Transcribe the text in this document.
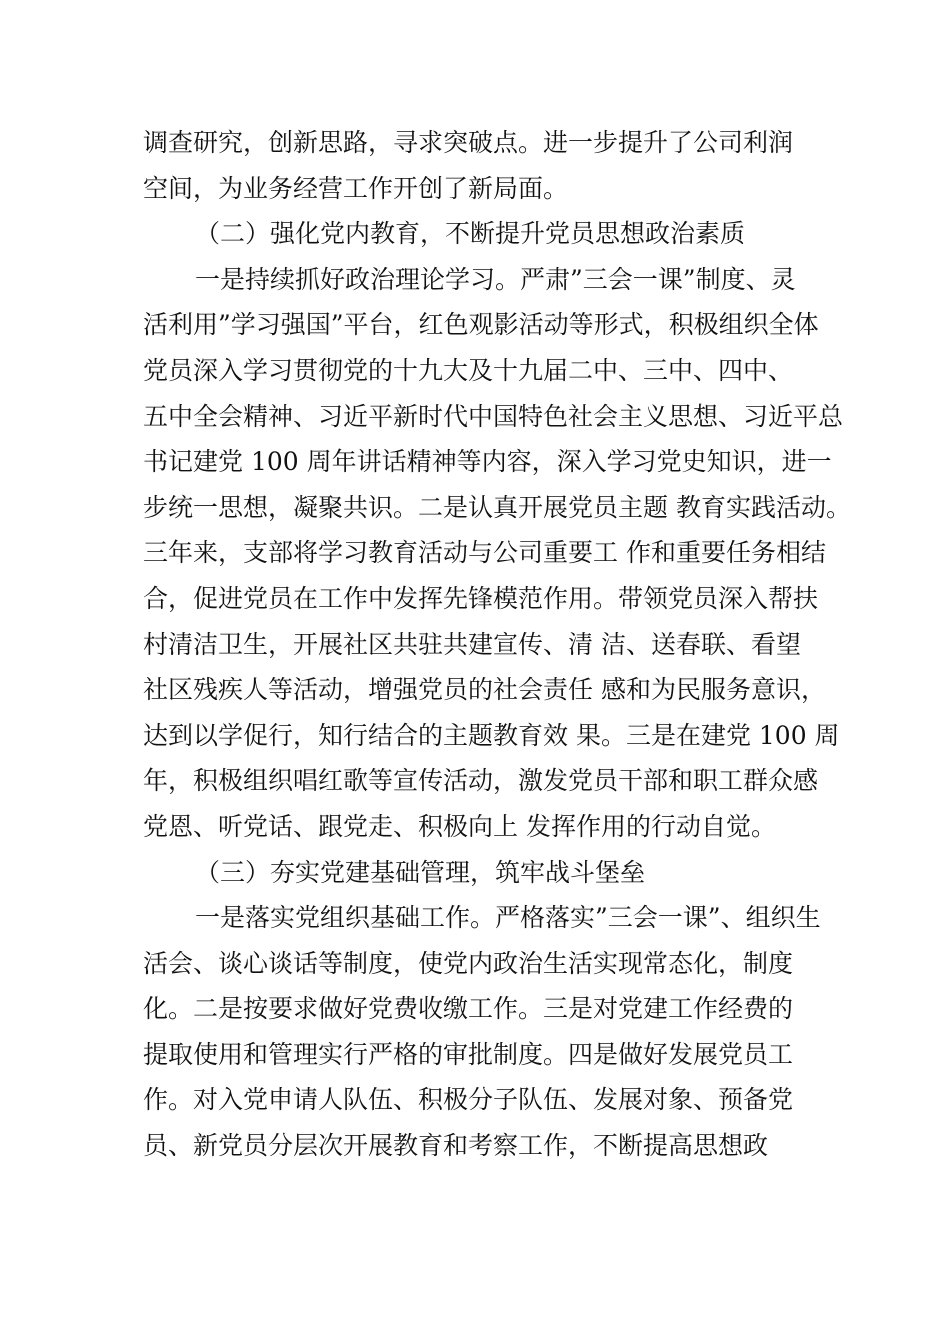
调查研究，创新思路，寻求突破点。进一步提升了公司利润
空间，为业务经营工作开创了新局面。
（二）强化党内教育，不断提升党员思想政治素质
一是持续抓好政治理论学习。严肃”三会一课”制度、灵
活利用”学习强国”平台，红色观影活动等形式，积极组织全体
党员深入学习贯彻党的十九大及十九届二中、三中、四中、
五中全会精神、习近平新时代中国特色社会主义思想、习近平总
书记建党 100 周年讲话精神等内容，深入学习党史知识，进一
步统一思想，凝聚共识。二是认真开展党员主题 教育实践活动。
三年来，支部将学习教育活动与公司重要工 作和重要任务相结
合，促进党员在工作中发挥先锋模范作用。带领党员深入帮扶
村清洁卫生，开展社区共驻共建宣传、清 洁、送春联、看望
社区残疾人等活动，增强党员的社会责任 感和为民服务意识，
达到以学促行，知行结合的主题教育效 果。三是在建党 100 周
年，积极组织唱红歌等宣传活动，激发党员干部和职工群众感
党恩、听党话、跟党走、积极向上 发挥作用的行动自觉。
（三）夯实党建基础管理，筑牢战斗堡垒
一是落实党组织基础工作。严格落实”三会一课”、组织生
活会、谈心谈话等制度，使党内政治生活实现常态化，制度
化。二是按要求做好党费收缴工作。三是对党建工作经费的
提取使用和管理实行严格的审批制度。四是做好发展党员工
作。对入党申请人队伍、积极分子队伍、发展对象、预备党
员、新党员分层次开展教育和考察工作，不断提高思想政
